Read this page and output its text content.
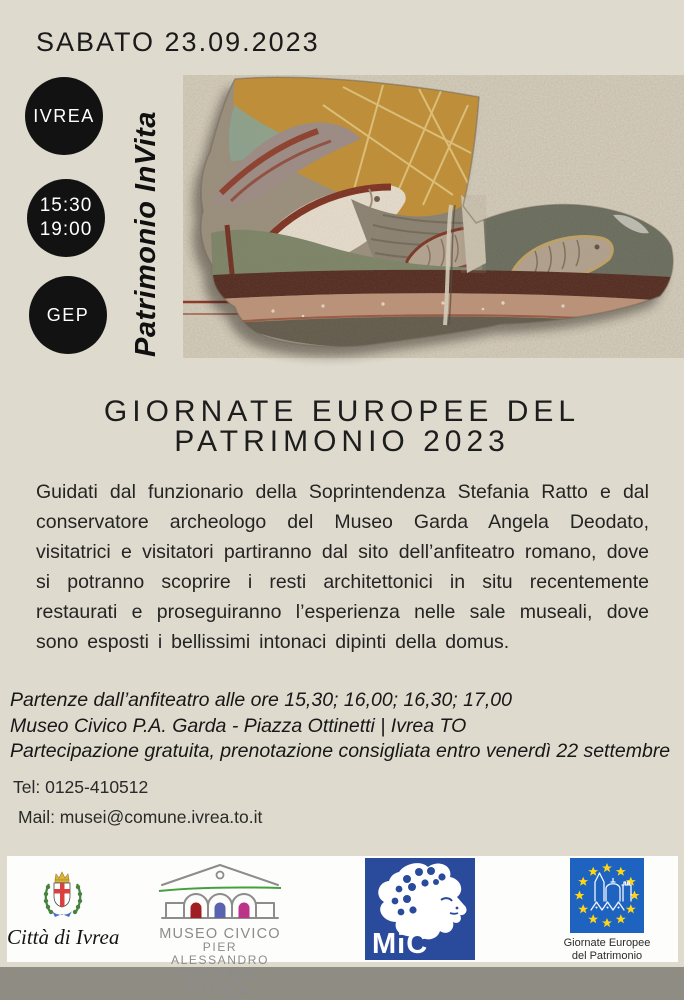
SABATO 23.09.2023
IVREA
15:30
19:00
GEP Patrimonio InVita
GIORNATE EUROPEE DEL
PATRIMONIO 2023

Guidati dal funzionario della Soprintendenza Stefania Ratto e dal conservatore archeologo del Museo Garda Angela Deodato, visitatrici e visitatori partiranno dal sito dell’anfiteatro romano, dove si potranno scoprire i resti architettonici in situ recentemente restaurati e proseguiranno l’esperienza nelle sale museali, dove sono esposti i bellissimi intonaci dipinti della domus.

Partenze dall’anfiteatro alle ore 15,30; 16,00; 16,30; 17,00
Museo Civico P.A. Garda - Piazza Ottinetti | Ivrea TO
Partecipazione gratuita, prenotazione consigliata entro venerdì 22 settembre
Tel: 0125-410512
Mail: musei@comune.ivrea.to.it
Città di Ivrea	MUSEO CIVICO
PIER ALESSANDRO
GARDA IVREA
MiC	Giornate Europee
del Patrimonio
